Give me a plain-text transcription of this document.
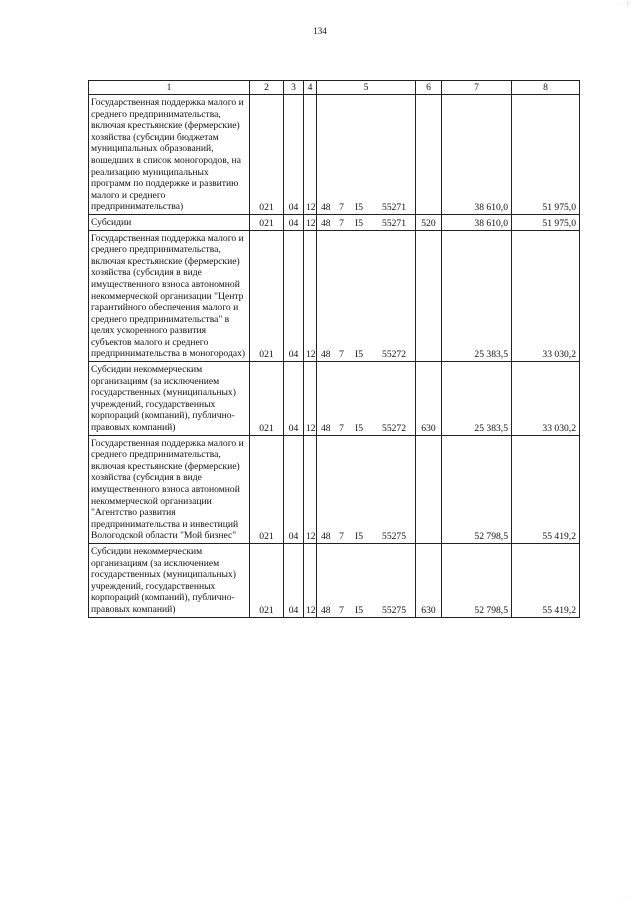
· · ·|/·
134
1	2	3	4	5	6	7	8
Государственная поддержка малого и среднего предпринимательства, включая крестьянские (фермерские) хозяйства (субсидии бюджетам муниципальных образований, вошедших в список моногородов, на реализацию муниципальных программ по поддержке и развитию малого и среднего предпринимательства)	021	04	12	48 7 I5 55271		38 610,0	51 975,0
Субсидии	021	04	12	48 7 I5 55271	520	38 610,0	51 975,0
Государственная поддержка малого и среднего предпринимательства, включая крестьянские (фермерские) хозяйства (субсидия в виде имущественного взноса автономной некоммерческой организации "Центр гарантийного обеспечения малого и среднего предпринимательства" в целях ускоренного развития субъектов малого и среднего предпринимательства в моногородах)	021	04	12	48 7 I5 55272		25 383,5	33 030,2
Субсидии некоммерческим организациям (за исключением государственных (муниципальных) учреждений, государственных корпораций (компаний), публично-правовых компаний)	021	04	12	48 7 I5 55272	630	25 383,5	33 030,2
Государственная поддержка малого и среднего предпринимательства, включая крестьянские (фермерские) хозяйства (субсидия в виде имущественного взноса автономной некоммерческой организации "Агентство развития предпринимательства и инвестиций Вологодской области "Мой бизнес"	021	04	12	48 7 I5 55275		52 798,5	55 419,2
Субсидии некоммерческим организациям (за исключением государственных (муниципальных) учреждений, государственных корпораций (компаний), публично-правовых компаний)	021	04	12	48 7 I5 55275	630	52 798,5	55 419,2
· · ·
